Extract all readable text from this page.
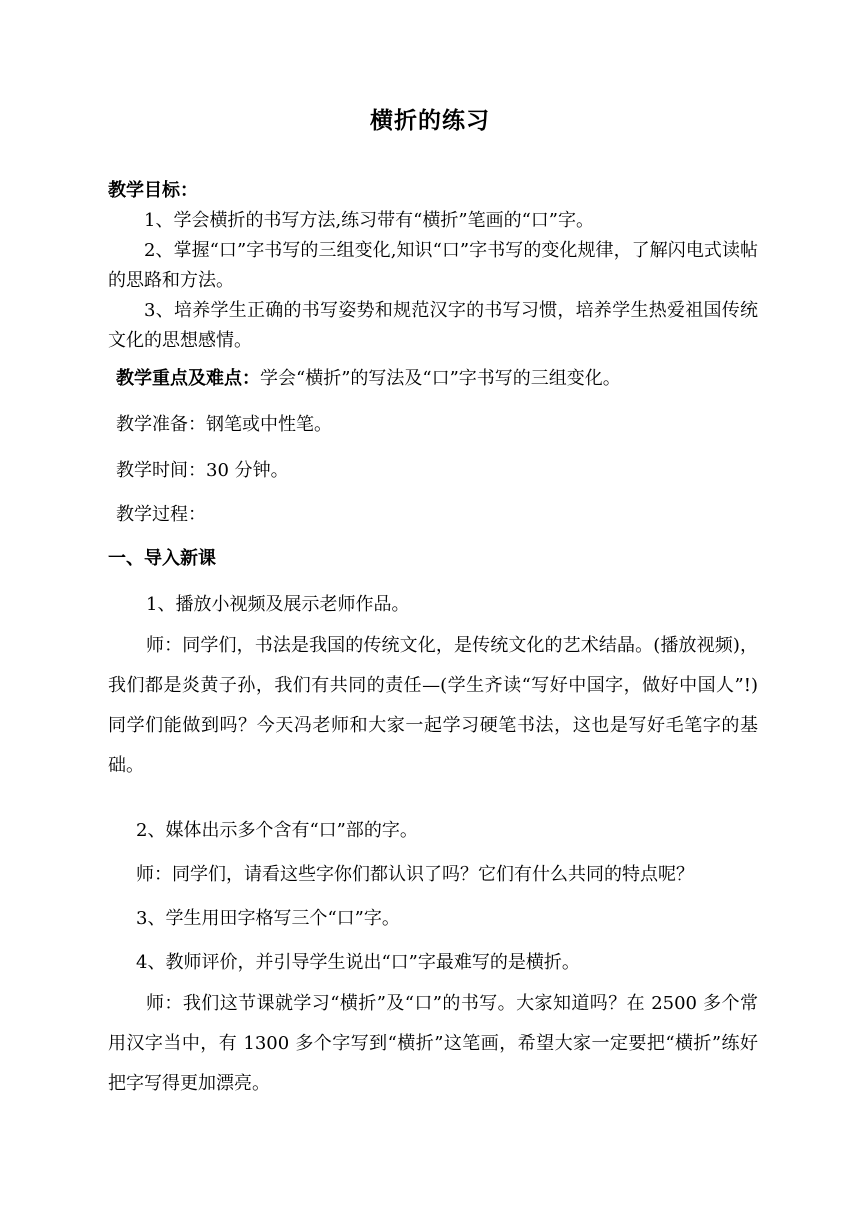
横折的练习
教学目标：
1、学会横折的书写方法,练习带有“横折”笔画的“口”字。
2、掌握“口”字书写的三组变化,知识“口”字书写的变化规律，了解闪电式读帖的思路和方法。
3、培养学生正确的书写姿势和规范汉字的书写习惯，培养学生热爱祖国传统文化的思想感情。
教学重点及难点：学会“横折”的写法及“口”字书写的三组变化。
教学准备：钢笔或中性笔。
教学时间：30 分钟。
教学过程：
一、导入新课
1、播放小视频及展示老师作品。
师：同学们，书法是我国的传统文化，是传统文化的艺术结晶。(播放视频)， 我们都是炎黄子孙，我们有共同的责任—(学生齐读“写好中国字，做好中国人”!)同学们能做到吗？今天冯老师和大家一起学习硬笔书法，这也是写好毛笔字的基础。
2、媒体出示多个含有“口”部的字。
师：同学们，请看这些字你们都认识了吗？它们有什么共同的特点呢？
3、学生用田字格写三个“口”字。
4、教师评价，并引导学生说出“口”字最难写的是横折。
师：我们这节课就学习“横折”及“口”的书写。大家知道吗？在 2500 多个常用汉字当中，有 1300 多个字写到“横折”这笔画，希望大家一定要把“横折”练好把字写得更加漂亮。
